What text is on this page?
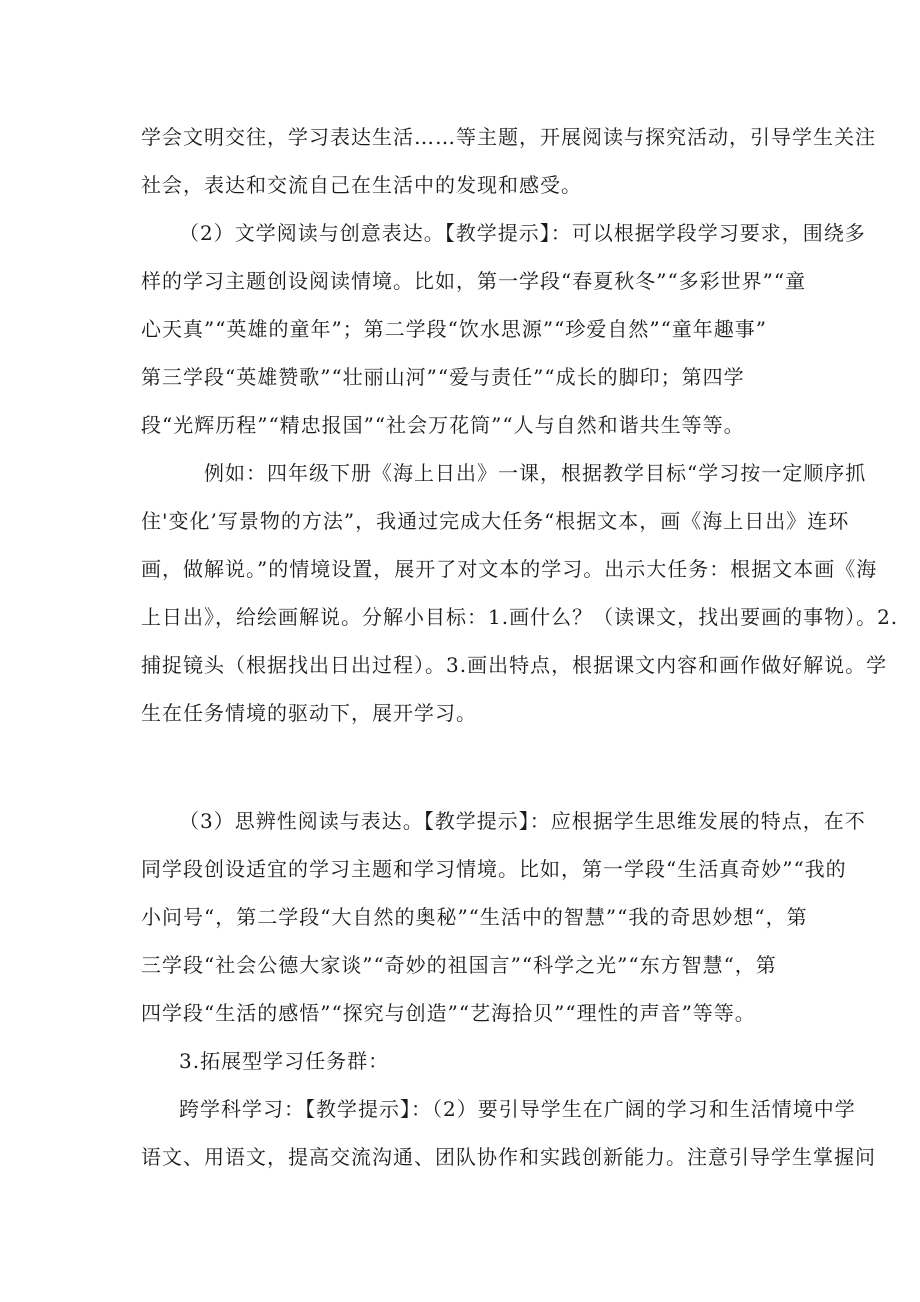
学会文明交往，学习表达生活……等主题，开展阅读与探究活动，引导学生关注
社会，表达和交流自己在生活中的发现和感受。
（2）文学阅读与创意表达。【教学提示】：可以根据学段学习要求，围绕多
样的学习主题创设阅读情境。比如，第一学段“春夏秋冬”“多彩世界”“童
心天真”“英雄的童年”；第二学段“饮水思源”“珍爱自然”“童年趣事”
第三学段“英雄赞歌”“壮丽山河”“爱与责任”“成长的脚印；第四学
段“光辉历程”“精忠报国”“社会万花筒”“人与自然和谐共生等等。
例如：四年级下册《海上日出》一课，根据教学目标“学习按一定顺序抓
住'变化’写景物的方法”，我通过完成大任务“根据文本，画《海上日出》连环
画，做解说。”的情境设置，展开了对文本的学习。出示大任务：根据文本画《海
上日出》，给绘画解说。分解小目标：1.画什么？（读课文，找出要画的事物）。2.
捕捉镜头（根据找出日出过程）。3.画出特点，根据课文内容和画作做好解说。学
生在任务情境的驱动下，展开学习。
（3）思辨性阅读与表达。【教学提示】：应根据学生思维发展的特点，在不
同学段创设适宜的学习主题和学习情境。比如，第一学段“生活真奇妙”“我的
小问号“，第二学段“大自然的奥秘”“生活中的智慧”“我的奇思妙想“，第
三学段“社会公德大家谈”“奇妙的祖国言”“科学之光”“东方智慧“，第
四学段“生活的感悟”“探究与创造”“艺海拾贝”“理性的声音”等等。
3.拓展型学习任务群：
跨学科学习：【教学提示】：（2）要引导学生在广阔的学习和生活情境中学
语文、用语文，提高交流沟通、团队协作和实践创新能力。注意引导学生掌握问
